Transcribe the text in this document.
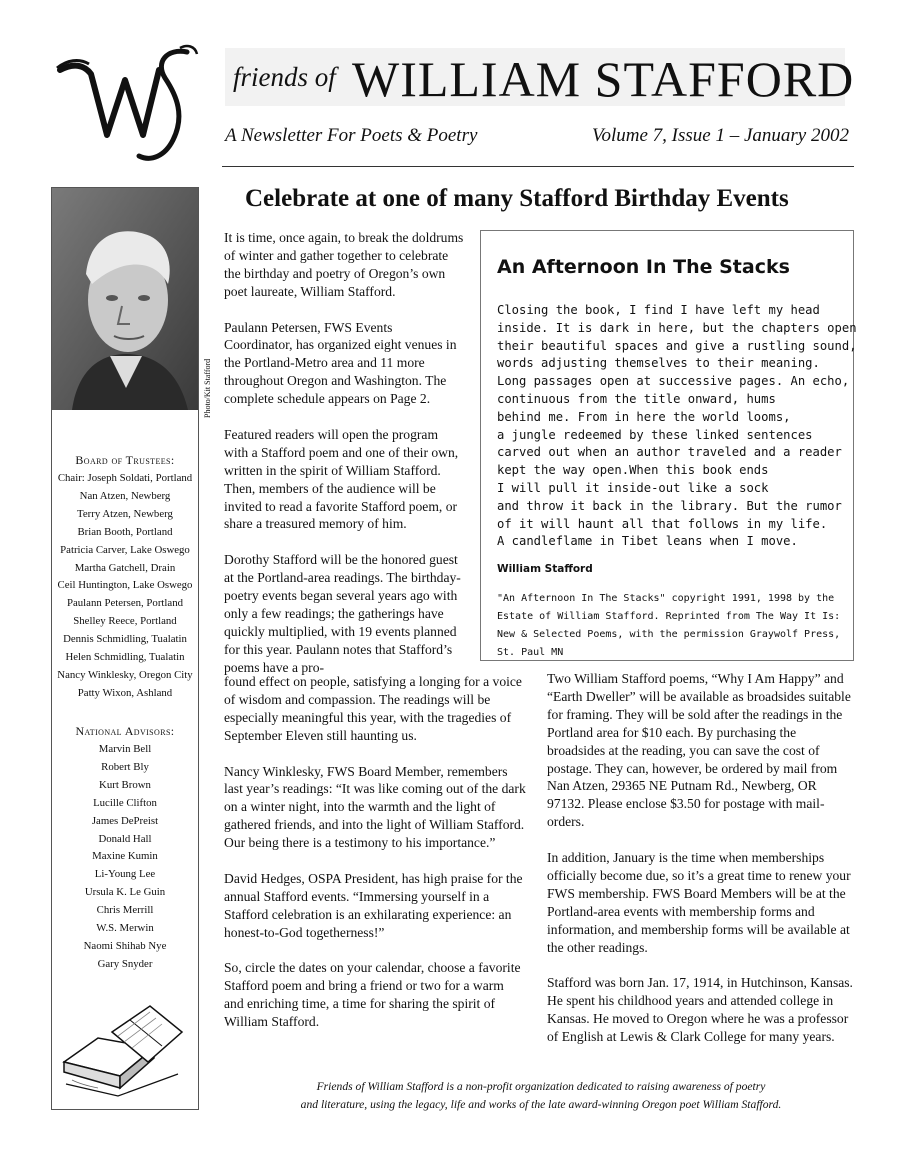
friends of WILLIAM STAFFORD
A Newsletter For Poets & Poetry	Volume 7, Issue 1 – January 2002
Photo/Kit Stafford
Board of Trustees:
Chair: Joseph Soldati, Portland
Nan Atzen, Newberg
Terry Atzen, Newberg
Brian Booth, Portland
Patricia Carver, Lake Oswego
Martha Gatchell, Drain
Ceil Huntington, Lake Oswego
Paulann Petersen, Portland
Shelley Reece, Portland
Dennis Schmidling, Tualatin
Helen Schmidling, Tualatin
Nancy Winklesky, Oregon City
Patty Wixon, Ashland
National Advisors:
Marvin Bell
Robert Bly
Kurt Brown
Lucille Clifton
James DePreist
Donald Hall
Maxine Kumin
Li-Young Lee
Ursula K. Le Guin
Chris Merrill
W.S. Merwin
Naomi Shihab Nye
Gary Snyder
Celebrate at one of many Stafford Birthday Events

It is time, once again, to break the doldrums of winter and gather together to celebrate the birthday and poetry of Oregon’s own poet laureate, William Stafford.

Paulann Petersen, FWS Events Coordinator, has organized eight venues in the Portland-Metro area and 11 more throughout Oregon and Washington. The complete schedule appears on Page 2.

Featured readers will open the program with a Stafford poem and one of their own, written in the spirit of William Stafford. Then, members of the audience will be invited to read a favorite Stafford poem, or share a treasured memory of him.

Dorothy Stafford will be the honored guest at the Portland-area readings. The birthday-poetry events began several years ago with only a few readings; the gatherings have quickly multiplied, with 19 events planned for this year. Paulann notes that Stafford’s poems have a pro-

found effect on people, satisfying a longing for a voice of wisdom and compassion. The readings will be especially meaningful this year, with the tragedies of September Eleven still haunting us.

Nancy Winklesky, FWS Board Member, remembers last year’s readings: “It was like coming out of the dark on a winter night, into the warmth and the light of gathered friends, and into the light of William Stafford. Our being there is a testimony to his importance.”

David Hedges, OSPA President, has high praise for the annual Stafford events. “Immersing yourself in a Stafford celebration is an exhilarating experience: an honest-to-God togetherness!”

So, circle the dates on your calendar, choose a favorite Stafford poem and bring a friend or two for a warm and enriching time, a time for sharing the spirit of William Stafford.

Two William Stafford poems, “Why I Am Happy” and “Earth Dweller” will be available as broadsides suitable for framing. They will be sold after the readings in the Portland area for $10 each. By purchasing the broadsides at the reading, you can save the cost of postage. They can, however, be ordered by mail from Nan Atzen, 29365 NE Putnam Rd., Newberg, OR 97132. Please enclose $3.50 for postage with mail-orders.

In addition, January is the time when memberships officially become due, so it’s a great time to renew your FWS membership. FWS Board Members will be at the Portland-area events with membership forms and information, and membership forms will be available at the other readings.

Stafford was born Jan. 17, 1914, in Hutchinson, Kansas. He spent his childhood years and attended college in Kansas. He moved to Oregon where he was a professor of English at Lewis & Clark College for many years.

An Afternoon In The Stacks
Closing the book, I find I have left my head
inside. It is dark in here, but the chapters open
their beautiful spaces and give a rustling sound,
words adjusting themselves to their meaning.
Long passages open at successive pages. An echo,
continuous from the title onward, hums
behind me. From in here the world looms,
a jungle redeemed by these linked sentences
carved out when an author traveled and a reader
kept the way open.When this book ends
I will pull it inside-out like a sock
and throw it back in the library. But the rumor
of it will haunt all that follows in my life.
A candleflame in Tibet leans when I move.
William Stafford
"An Afternoon In The Stacks" copyright 1991, 1998 by the Estate of William Stafford. Reprinted from The Way It Is: New & Selected Poems, with the permission Graywolf Press, St. Paul MN
Friends of William Stafford is a non-profit organization dedicated to raising awareness of poetry
and literature, using the legacy, life and works of the late award-winning Oregon poet William Stafford.
